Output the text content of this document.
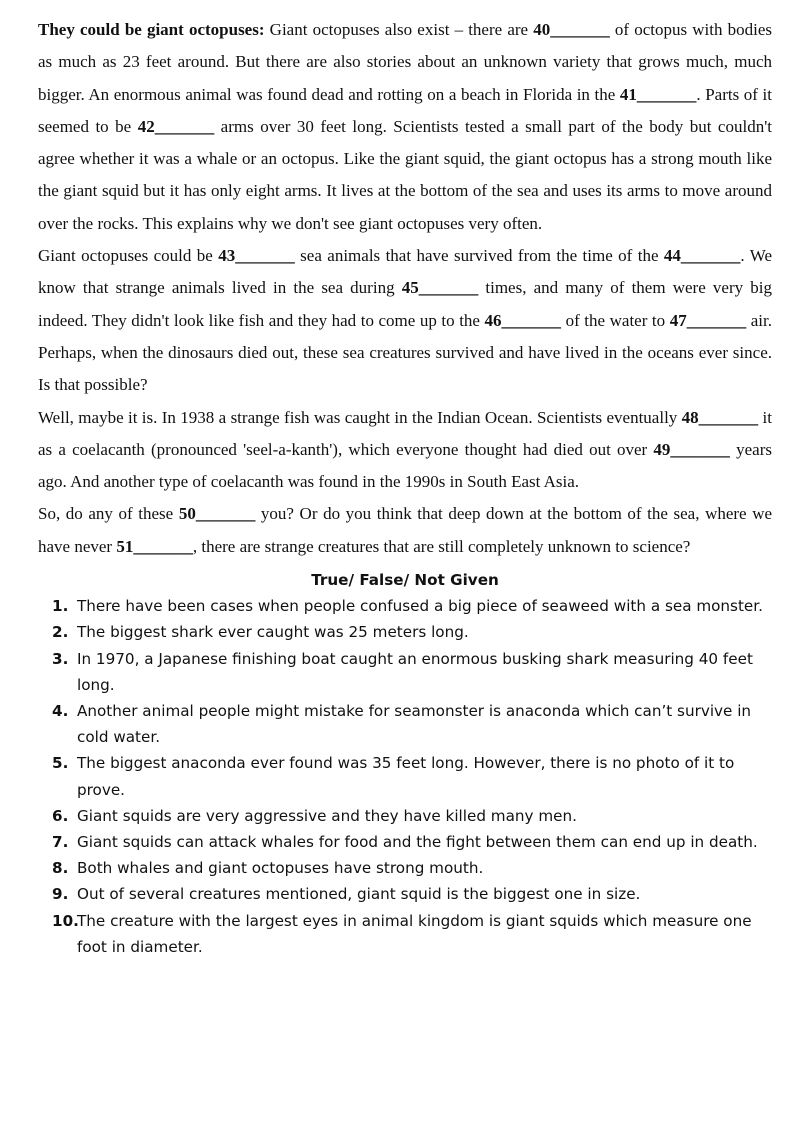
They could be giant octopuses: Giant octopuses also exist – there are 40_______ of octopus with bodies as much as 23 feet around. But there are also stories about an unknown variety that grows much, much bigger. An enormous animal was found dead and rotting on a beach in Florida in the 41_______. Parts of it seemed to be 42_______ arms over 30 feet long. Scientists tested a small part of the body but couldn't agree whether it was a whale or an octopus. Like the giant squid, the giant octopus has a strong mouth like the giant squid but it has only eight arms. It lives at the bottom of the sea and uses its arms to move around over the rocks. This explains why we don't see giant octopuses very often.

Giant octopuses could be 43_______ sea animals that have survived from the time of the 44_______. We know that strange animals lived in the sea during 45_______ times, and many of them were very big indeed. They didn't look like fish and they had to come up to the 46_______ of the water to 47_______ air. Perhaps, when the dinosaurs died out, these sea creatures survived and have lived in the oceans ever since. Is that possible?

Well, maybe it is. In 1938 a strange fish was caught in the Indian Ocean. Scientists eventually 48_______ it as a coelacanth (pronounced 'seel-a-kanth'), which everyone thought had died out over 49_______ years ago. And another type of coelacanth was found in the 1990s in South East Asia.

So, do any of these 50_______ you? Or do you think that deep down at the bottom of the sea, where we have never 51_______, there are strange creatures that are still completely unknown to science?

True/ False/ Not Given

1. There have been cases when people confused a big piece of seaweed with a sea monster.
2. The biggest shark ever caught was 25 meters long.
3. In 1970, a Japanese finishing boat caught an enormous busking shark measuring 40 feet long.
4. Another animal people might mistake for seamonster is anaconda which can’t survive in cold water.
5. The biggest anaconda ever found was 35 feet long. However, there is no photo of it to prove.
6. Giant squids are very aggressive and they have killed many men.
7. Giant squids can attack whales for food and the fight between them can end up in death.
8. Both whales and giant octopuses have strong mouth.
9. Out of several creatures mentioned, giant squid is the biggest one in size.
10.
The creature with the largest eyes in animal kingdom is giant squids which measure one foot in diameter.
